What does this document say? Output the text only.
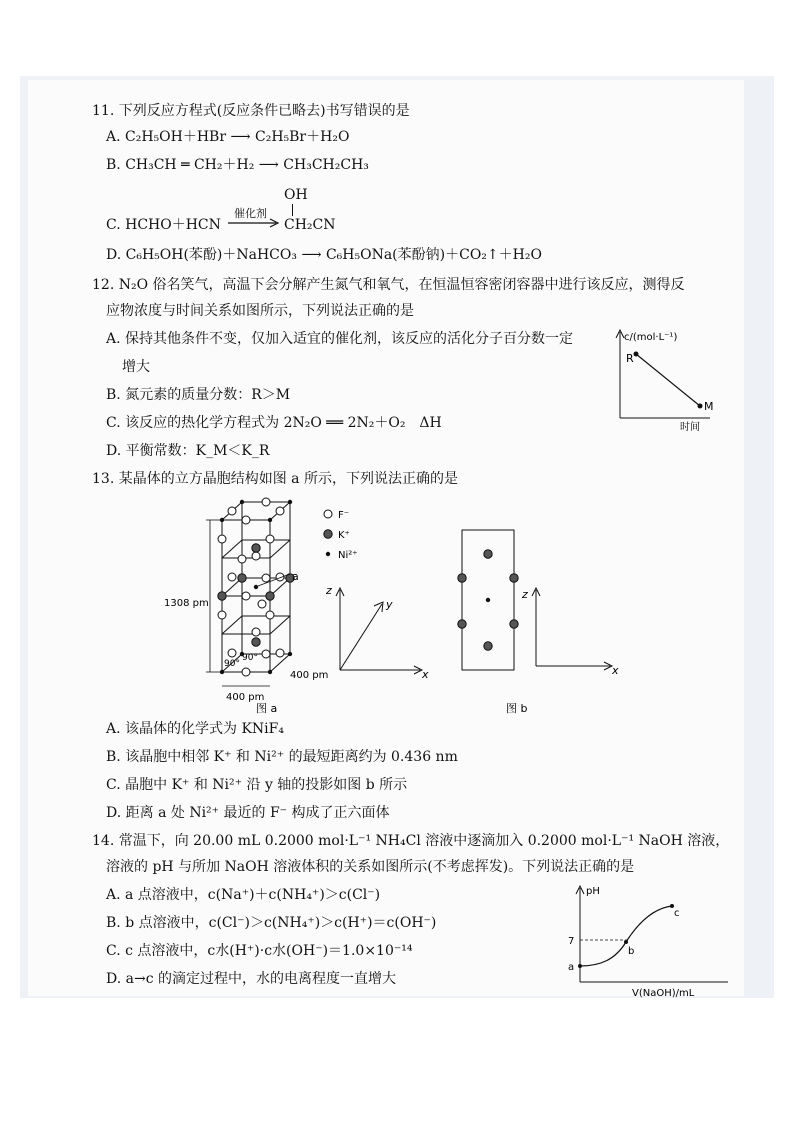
11. 下列反应方程式(反应条件已略去)书写错误的是
A. C₂H₅OH＋HBr ⟶ C₂H₅Br＋H₂O
B. CH₃CH ═ CH₂＋H₂ ⟶ CH₃CH₂CH₃
C. HCHO＋HCN
催化剂
OH
CH₂CN
D. C₆H₅OH(苯酚)＋NaHCO₃ ⟶ C₆H₅ONa(苯酚钠)＋CO₂↑＋H₂O
12. N₂O 俗名笑气，高温下会分解产生氮气和氧气，在恒温恒容密闭容器中进行该反应，测得反
应物浓度与时间关系如图所示，下列说法正确的是
A. 保持其他条件不变，仅加入适宜的催化剂，该反应的活化分子百分数一定
增大
B. 氮元素的质量分数：R＞M
C. 该反应的热化学方程式为 2N₂O ══ 2N₂＋O₂　ΔH
D. 平衡常数：K_M＜K_R
c/(mol·L⁻¹)
R
M
时间
13. 某晶体的立方晶胞结构如图 a 所示，下列说法正确的是
a
1308 pm
400 pm
400 pm
90°
90°
图 a
F⁻
K⁺
Ni²⁺
z
y
x
图 b
z
x
A. 该晶体的化学式为 KNiF₄
B. 该晶胞中相邻 K⁺ 和 Ni²⁺ 的最短距离约为 0.436 nm
C. 晶胞中 K⁺ 和 Ni²⁺ 沿 y 轴的投影如图 b 所示
D. 距离 a 处 Ni²⁺ 最近的 F⁻ 构成了正六面体
14. 常温下，向 20.00 mL 0.2000 mol·L⁻¹ NH₄Cl 溶液中逐滴加入 0.2000 mol·L⁻¹ NaOH 溶液，
溶液的 pH 与所加 NaOH 溶液体积的关系如图所示(不考虑挥发)。下列说法正确的是
A. a 点溶液中，c(Na⁺)＋c(NH₄⁺)＞c(Cl⁻)
B. b 点溶液中，c(Cl⁻)＞c(NH₄⁺)＞c(H⁺)＝c(OH⁻)
C. c 点溶液中，c水(H⁺)·c水(OH⁻)＝1.0×10⁻¹⁴
D. a→c 的滴定过程中，水的电离程度一直增大
pH
7
a
b
c
V(NaOH)/mL
